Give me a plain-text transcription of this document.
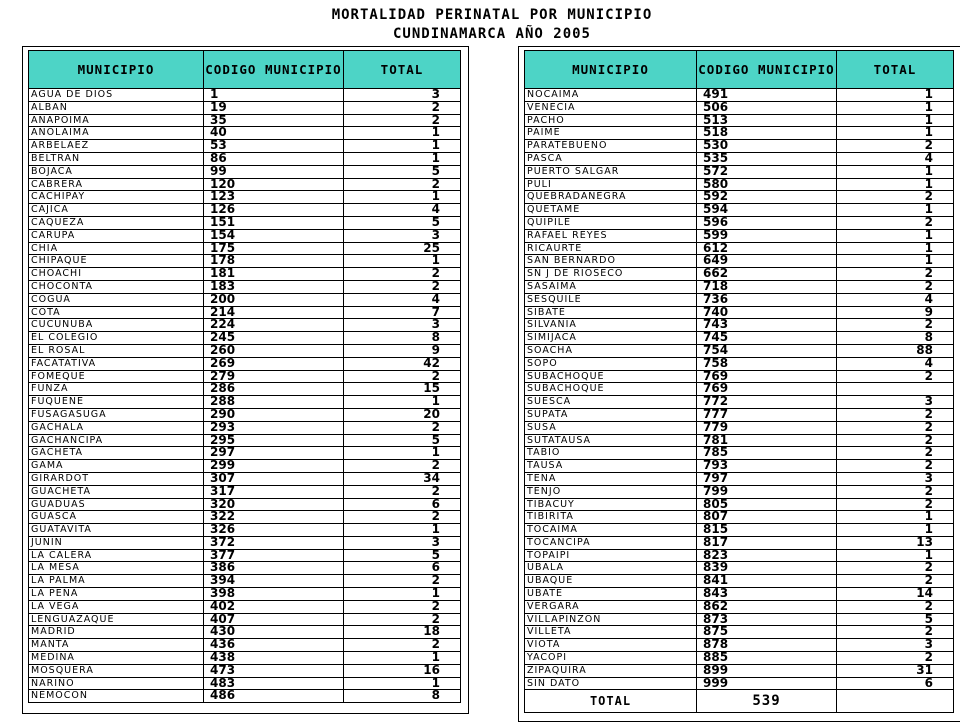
MORTALIDAD PERINATAL POR MUNICIPIO
CUNDINAMARCA AÑO 2005
MUNICIPIO	CODIGO MUNICIPIO	TOTAL
AGUA DE DIOS	1	3
ALBAN	19	2
ANAPOIMA	35	2
ANOLAIMA	40	1
ARBELAEZ	53	1
BELTRAN	86	1
BOJACA	99	5
CABRERA	120	2
CACHIPAY	123	1
CAJICA	126	4
CAQUEZA	151	5
CARUPA	154	3
CHIA	175	25
CHIPAQUE	178	1
CHOACHI	181	2
CHOCONTA	183	2
COGUA	200	4
COTA	214	7
CUCUNUBA	224	3
EL COLEGIO	245	8
EL ROSAL	260	9
FACATATIVA	269	42
FOMEQUE	279	2
FUNZA	286	15
FUQUENE	288	1
FUSAGASUGA	290	20
GACHALA	293	2
GACHANCIPA	295	5
GACHETA	297	1
GAMA	299	2
GIRARDOT	307	34
GUACHETA	317	2
GUADUAS	320	6
GUASCA	322	2
GUATAVITA	326	1
JUNIN	372	3
LA CALERA	377	5
LA MESA	386	6
LA PALMA	394	2
LA PEÑA	398	1
LA VEGA	402	2
LENGUAZAQUE	407	2
MADRID	430	18
MANTA	436	2
MEDINA	438	1
MOSQUERA	473	16
NARIÑO	483	1
NEMOCON	486	8
MUNICIPIO	CODIGO MUNICIPIO	TOTAL
NOCAIMA	491	1
VENECIA	506	1
PACHO	513	1
PAIME	518	1
PARATEBUENO	530	2
PASCA	535	4
PUERTO SALGAR	572	1
PULI	580	1
QUEBRADANEGRA	592	2
QUETAME	594	1
QUIPILE	596	2
RAFAEL REYES	599	1
RICAURTE	612	1
SAN BERNARDO	649	1
SN J DE RIOSECO	662	2
SASAIMA	718	2
SESQUILE	736	4
SIBATE	740	9
SILVANIA	743	2
SIMIJACA	745	8
SOACHA	754	88
SOPO	758	4
SUBACHOQUE	769	2
SUBACHOQUE	769	
SUESCA	772	3
SUPATA	777	2
SUSA	779	2
SUTATAUSA	781	2
TABIO	785	2
TAUSA	793	2
TENA	797	3
TENJO	799	2
TIBACUY	805	2
TIBIRITA	807	1
TOCAIMA	815	1
TOCANCIPA	817	13
TOPAIPI	823	1
UBALA	839	2
UBAQUE	841	2
UBATE	843	14
VERGARA	862	2
VILLAPINZON	873	5
VILLETA	875	2
VIOTA	878	3
YACOPI	885	2
ZIPAQUIRA	899	31
SIN DATO	999	6
TOTAL	539	
